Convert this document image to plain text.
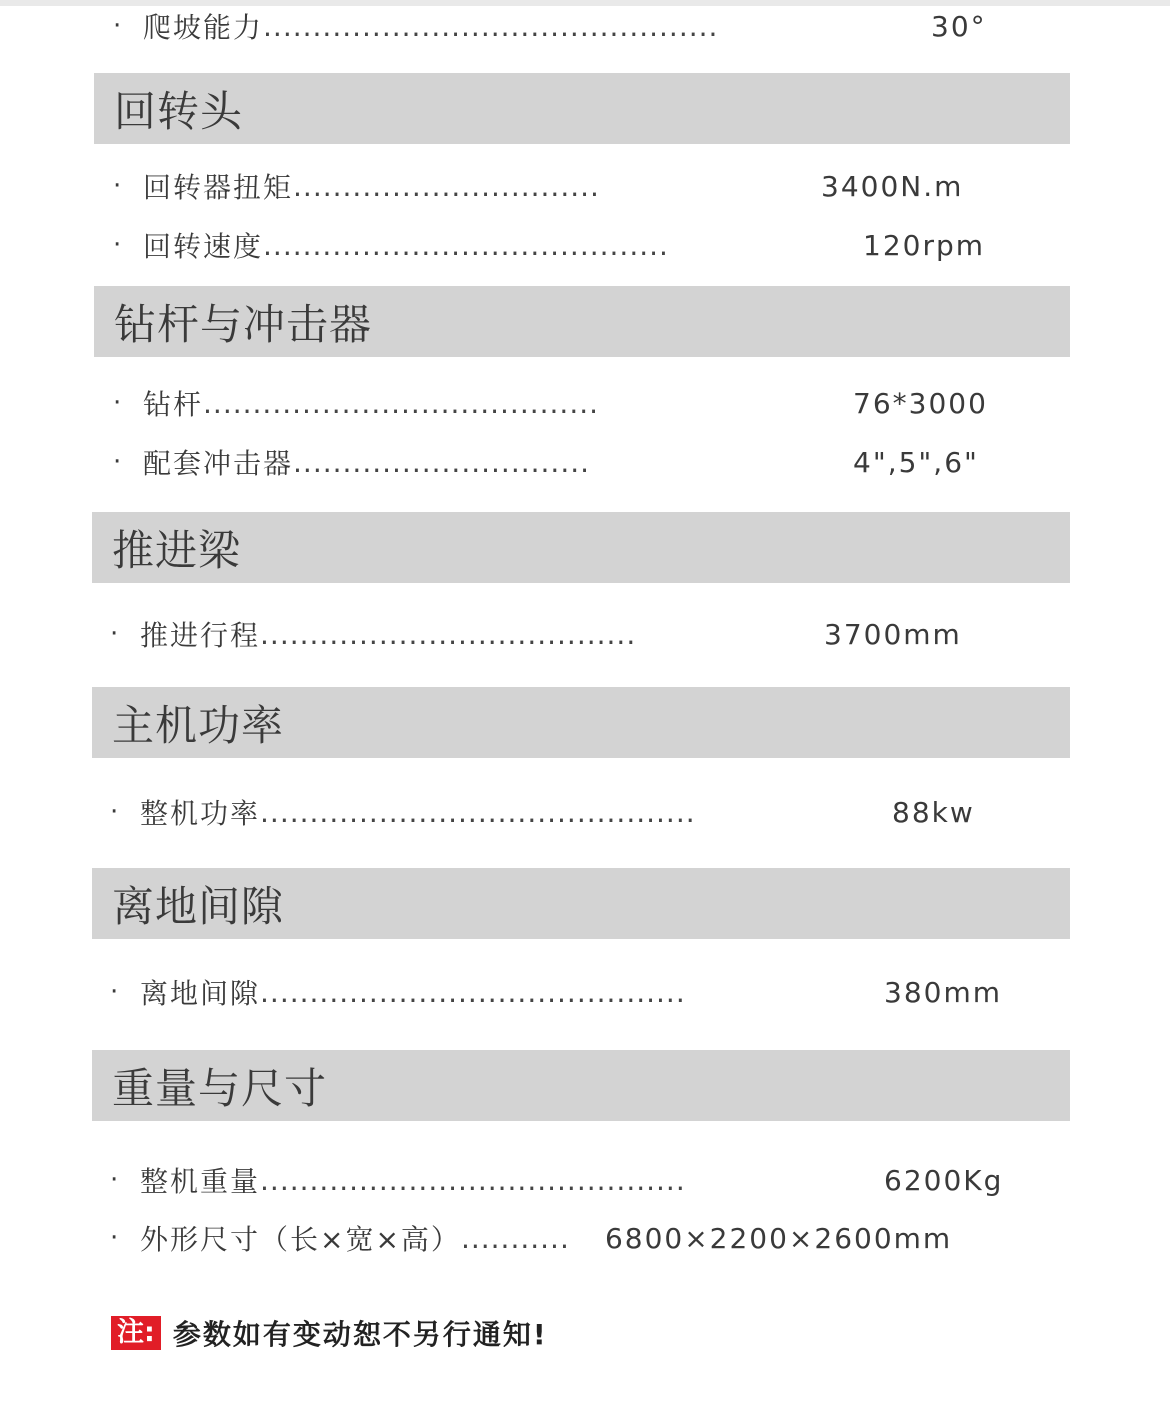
· 爬坡能力 ..............................................	30°
回转头
· 回转器扭矩 ...............................	3400N.m
· 回转速度 .........................................	120rpm
钻杆与冲击器
· 钻杆 ........................................	76*3000
· 配套冲击器 ..............................	4",5",6"
推进梁
· 推进行程 ......................................	3700mm
主机功率
· 整机功率 ............................................	88kw
离地间隙
· 离地间隙 ...........................................	380mm
重量与尺寸
· 整机重量 ...........................................	6200Kg
· 外形尺寸（长×宽×高） ...........	6800×2200×2600mm
注: 参数如有变动恕不另行通知!
